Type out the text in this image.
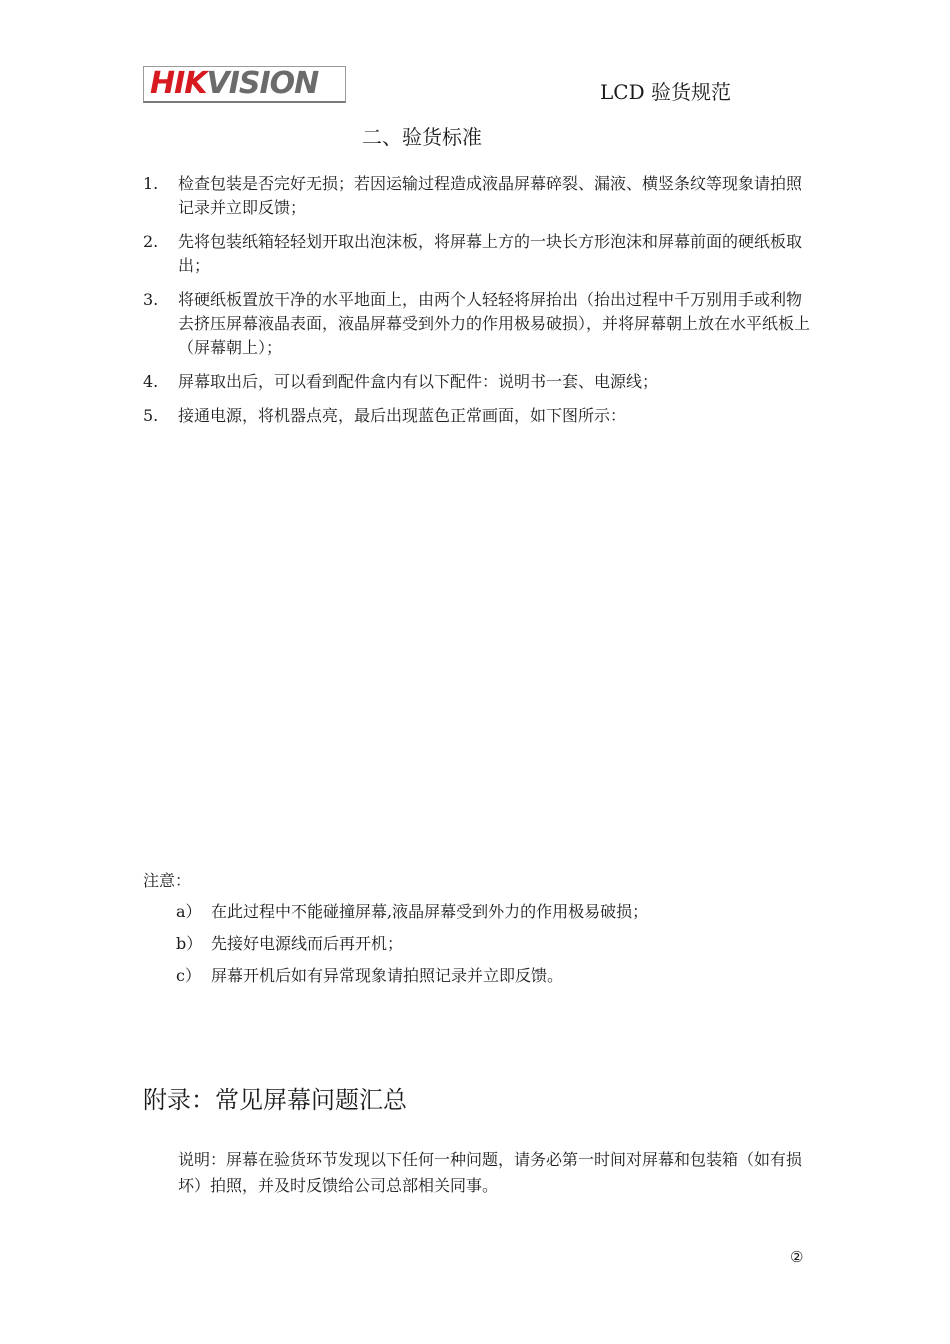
HIK VISION	LCD 验货规范
二、验货标准
1.	检查包装是否完好无损；若因运输过程造成液晶屏幕碎裂、漏液、横竖条纹等现象请拍照记录并立即反馈；
2.	先将包装纸箱轻轻划开取出泡沫板，将屏幕上方的一块长方形泡沫和屏幕前面的硬纸板取出；
3.	将硬纸板置放干净的水平地面上，由两个人轻轻将屏抬出（抬出过程中千万别用手或利物去挤压屏幕液晶表面，液晶屏幕受到外力的作用极易破损），并将屏幕朝上放在水平纸板上（屏幕朝上）；
4.	屏幕取出后，可以看到配件盒内有以下配件：说明书一套、电源线；
5.	接通电源，将机器点亮，最后出现蓝色正常画面，如下图所示：
注意：
a） 在此过程中不能碰撞屏幕,液晶屏幕受到外力的作用极易破损；
b） 先接好电源线而后再开机；
c） 屏幕开机后如有异常现象请拍照记录并立即反馈。
附录：常见屏幕问题汇总
说明：屏幕在验货环节发现以下任何一种问题，请务必第一时间对屏幕和包装箱（如有损坏）拍照，并及时反馈给公司总部相关同事。
②
